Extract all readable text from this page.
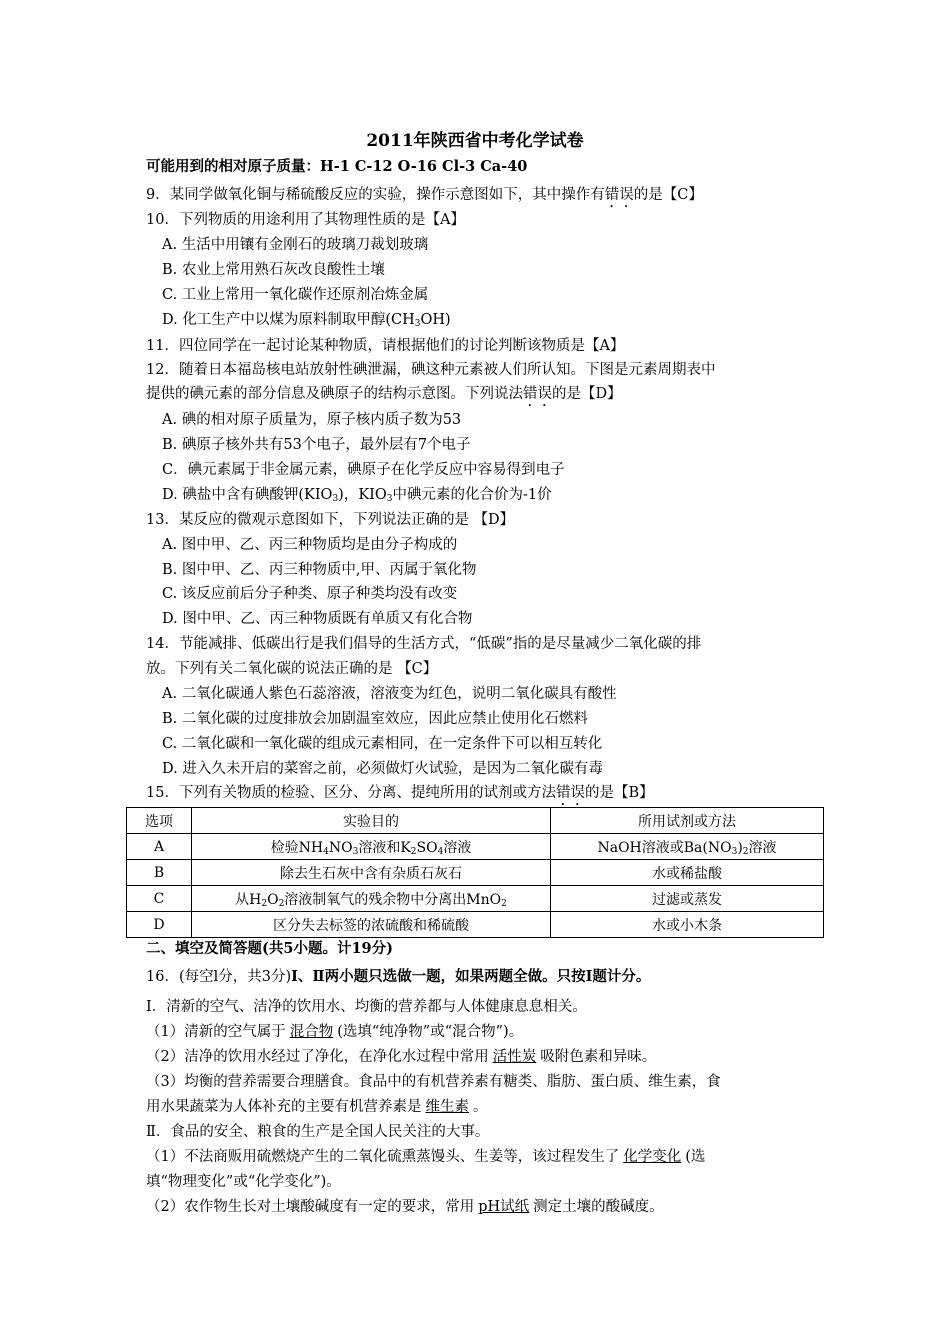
2011年陕西省中考化学试卷
可能用到的相对原子质量：H-1 C-12 O-16 Cl-3 Ca-40
9．某同学做氧化铜与稀硫酸反应的实验，操作示意图如下，其中操作有错误的是【C】
10．下列物质的用途利用了其物理性质的是【A】
A. 生活中用镶有金刚石的玻璃刀裁划玻璃
B. 农业上常用熟石灰改良酸性土壤
C. 工业上常用一氧化碳作还原剂冶炼金属
D. 化工生产中以煤为原料制取甲醇$(CH_3OH)$
11．四位同学在一起讨论某种物质，请根据他们的讨论判断该物质是【A】
12．随着日本福岛核电站放射性碘泄漏，碘这种元素被人们所认知。下图是元素周期表中
提供的碘元素的部分信息及碘原子的结构示意图。下列说法错误的是【D】
A. 碘的相对原子质量为，原子核内质子数为53
B. 碘原子核外共有53个电子，最外层有7个电子
C．碘元素属于非金属元素，碘原子在化学反应中容易得到电子
D. 碘盐中含有碘酸钾$(KIO_3)$，$KIO_3$中碘元素的化合价为-1价
13．某反应的微观示意图如下，下列说法正确的是 【D】
A. 图中甲、乙、丙三种物质均是由分子构成的
B. 图中甲、乙、丙三种物质中,甲、丙属于氧化物
C. 该反应前后分子种类、原子种类均没有改变
D. 图中甲、乙、丙三种物质既有单质又有化合物
14．节能减排、低碳出行是我们倡导的生活方式，“低碳”指的是尽量减少二氧化碳的排
放。下列有关二氧化碳的说法正确的是 【C】
A. 二氧化碳通人紫色石蕊溶液，溶液变为红色，说明二氧化碳具有酸性
B. 二氧化碳的过度排放会加剧温室效应，因此应禁止使用化石燃料
C. 二氧化碳和一氧化碳的组成元素相同，在一定条件下可以相互转化
D. 进入久未开启的菜窖之前，必须做灯火试验，是因为二氧化碳有毒
15．下列有关物质的检验、区分、分离、提纯所用的试剂或方法错误的是【B】
选项	实验目的	所用试剂或方法
A	检验$NH_4NO_3$溶液和$K_2SO_4$溶液	NaOH溶液或$Ba(NO_3)_2$溶液
B	除去生石灰中含有杂质石灰石	水或稀盐酸
C	从$H_2O_2$溶液制氧气的残余物中分离出MnO$_2$	过滤或蒸发
D	区分失去标签的浓硫酸和稀硫酸	水或小木条
二、填空及简答题(共5小题。计19分)
16．(每空l分，共3分)Ⅰ、Ⅱ两小题只选做一题，如果两题全做。只按Ⅰ题计分。
Ⅰ．清新的空气、洁净的饮用水、均衡的营养都与人体健康息息相关。
（1）清新的空气属于 混合物 (选填“纯净物”或“混合物”)。
（2）洁净的饮用水经过了净化，在净化水过程中常用 活性炭 吸附色素和异味。
（3）均衡的营养需要合理膳食。食品中的有机营养素有糖类、脂肪、蛋白质、维生素，食
用水果蔬菜为人体补充的主要有机营养素是 维生素 。
Ⅱ．食品的安全、粮食的生产是全国人民关注的大事。
（1）不法商贩用硫燃烧产生的二氧化硫熏蒸馒头、生姜等，该过程发生了 化学变化 (选
填“物理变化”或“化学变化”)。
（2）农作物生长对土壤酸碱度有一定的要求，常用 pH试纸 测定土壤的酸碱度。
